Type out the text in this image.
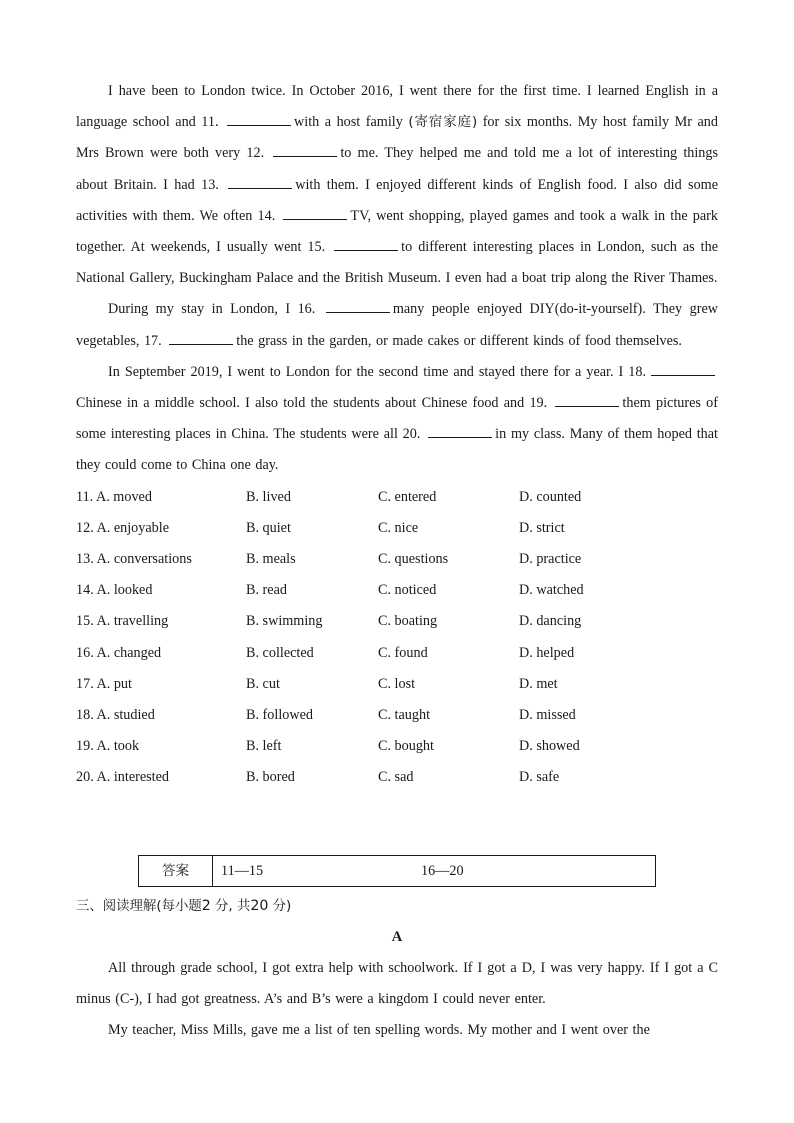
I have been to London twice. In October 2016, I went there for the first time. I learned English in a language school and 11.	with a host family (寄宿家庭) for six months. My host family Mr and Mrs Brown were both very 12.	to me. They helped me and told me a lot of interesting things about Britain. I had 13.	with them. I enjoyed different kinds of English food. I also did some activities with them. We often 14.	TV, went shopping, played games and took a walk in the park together. At weekends, I usually went 15.	to different interesting places in London, such as the National Gallery, Buckingham Palace and the British Museum. I even had a boat trip along the River Thames.

During my stay in London, I 16.	many people enjoyed DIY(do-it-yourself). They grew vegetables, 17.	the grass in the garden, or made cakes or different kinds of food themselves.

In September 2019, I went to London for the second time and stayed there for a year. I 18. Chinese in a middle school. I also told the students about Chinese food and 19.	them pictures of some interesting places in China. The students were all 20.	in my class. Many of them hoped that they could come to China one day.

11. A. moved	B. lived	C. entered	D. counted
12. A. enjoyable	B. quiet	C. nice	D. strict
13. A. conversations	B. meals	C. questions	D. practice
14. A. looked	B. read	C. noticed	D. watched
15. A. travelling	B. swimming	C. boating	D. dancing
16. A. changed	B. collected	C. found	D. helped
17. A. put	B. cut	C. lost	D. met
18. A. studied	B. followed	C. taught	D. missed
19. A. took	B. left	C. bought	D. showed
20. A. interested	B. bored	C. sad	D. safe
答案	11—15	16—20
三、阅读理解(每小题2 分, 共20 分)
A

All through grade school, I got extra help with schoolwork. If I got a D, I was very happy. If I got a C minus (C-), I had got greatness. A’s and B’s were a kingdom I could never enter.

My teacher, Miss Mills, gave me a list of ten spelling words. My mother and I went over the
